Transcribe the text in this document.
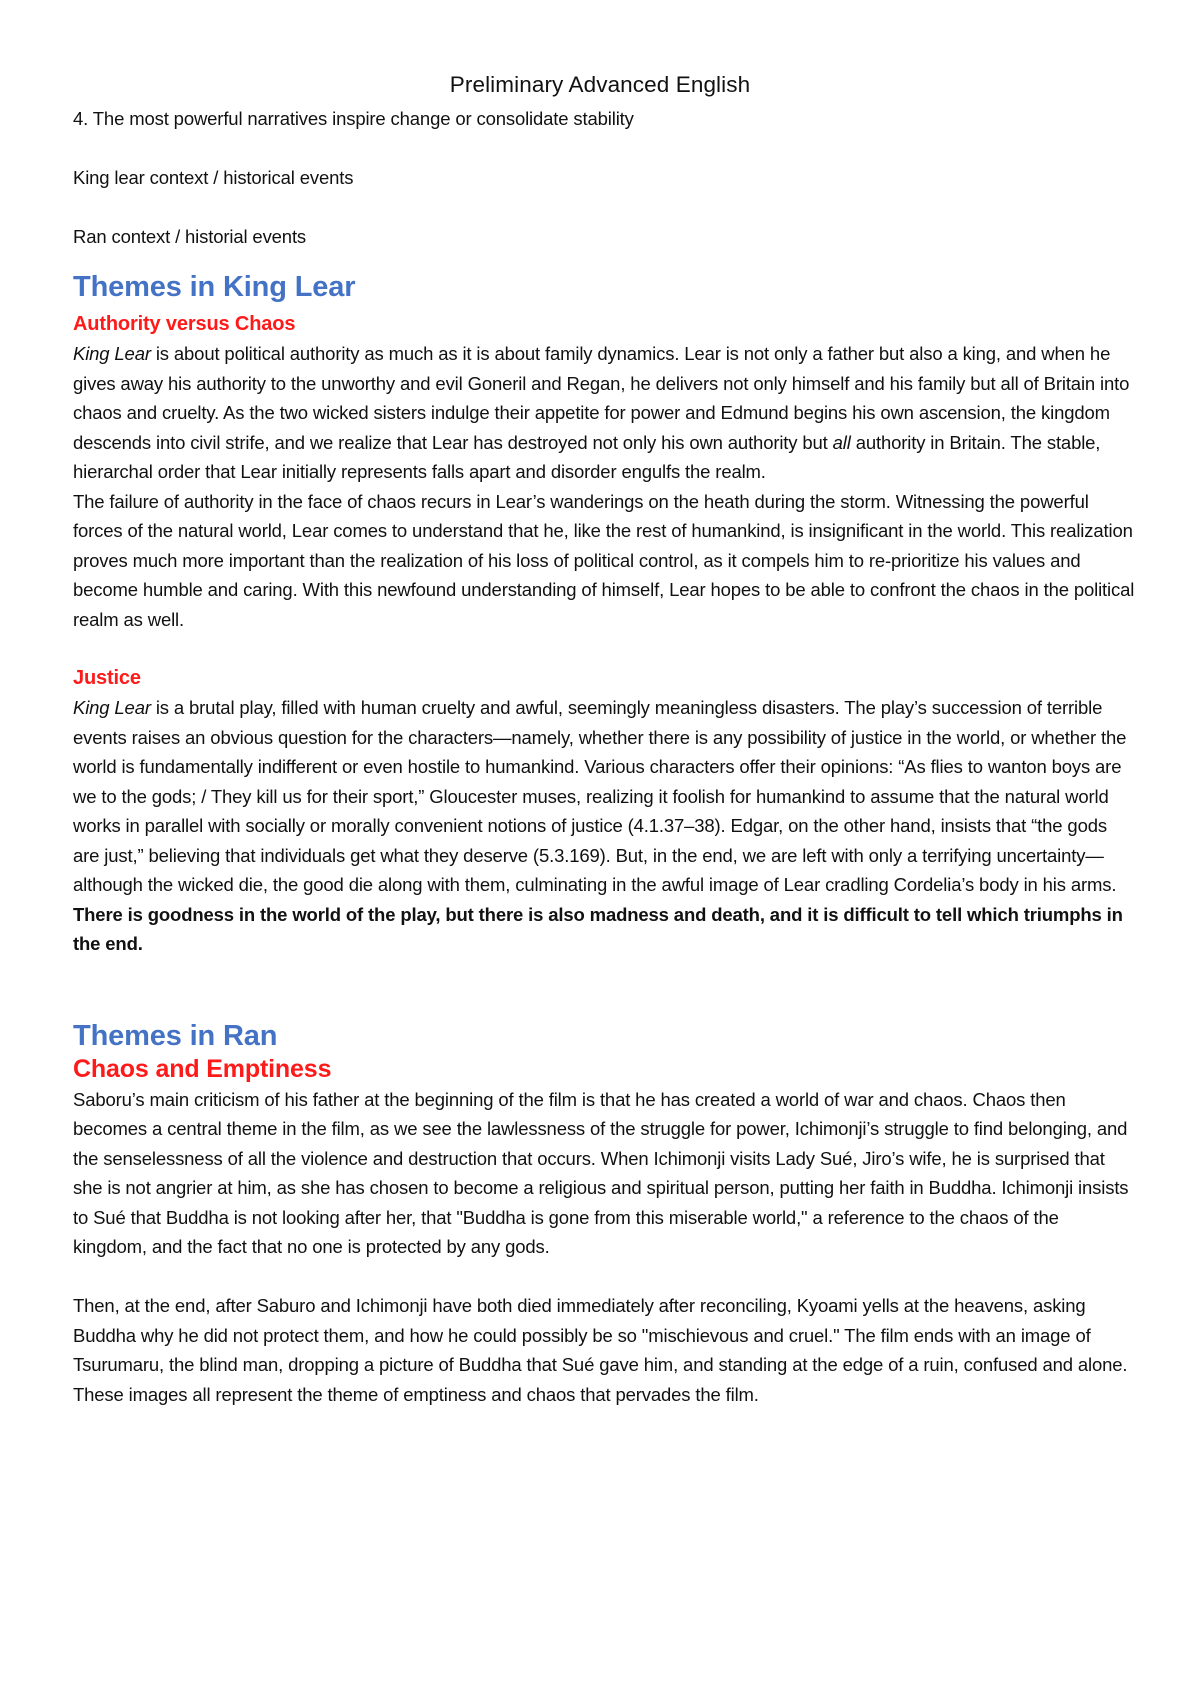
Preliminary Advanced English

4. The most powerful narratives inspire change or consolidate stability

King lear context / historical events

Ran context / historial events

Themes in King Lear
Authority versus Chaos

King Lear is about political authority as much as it is about family dynamics. Lear is not only a father but also a king, and when he gives away his authority to the unworthy and evil Goneril and Regan, he delivers not only himself and his family but all of Britain into chaos and cruelty. As the two wicked sisters indulge their appetite for power and Edmund begins his own ascension, the kingdom descends into civil strife, and we realize that Lear has destroyed not only his own authority but all authority in Britain. The stable, hierarchal order that Lear initially represents falls apart and disorder engulfs the realm.

The failure of authority in the face of chaos recurs in Lear’s wanderings on the heath during the storm. Witnessing the powerful forces of the natural world, Lear comes to understand that he, like the rest of humankind, is insignificant in the world. This realization proves much more important than the realization of his loss of political control, as it compels him to re-prioritize his values and become humble and caring. With this newfound understanding of himself, Lear hopes to be able to confront the chaos in the political realm as well.

Justice

King Lear is a brutal play, filled with human cruelty and awful, seemingly meaningless disasters. The play’s succession of terrible events raises an obvious question for the characters—namely, whether there is any possibility of justice in the world, or whether the world is fundamentally indifferent or even hostile to humankind. Various characters offer their opinions: “As flies to wanton boys are we to the gods; / They kill us for their sport,” Gloucester muses, realizing it foolish for humankind to assume that the natural world works in parallel with socially or morally convenient notions of justice (4.1.37–38). Edgar, on the other hand, insists that “the gods are just,” believing that individuals get what they deserve (5.3.169). But, in the end, we are left with only a terrifying uncertainty—although the wicked die, the good die along with them, culminating in the awful image of Lear cradling Cordelia’s body in his arms. There is goodness in the world of the play, but there is also madness and death, and it is difficult to tell which triumphs in the end.

Themes in Ran
Chaos and Emptiness

Saboru’s main criticism of his father at the beginning of the film is that he has created a world of war and chaos. Chaos then becomes a central theme in the film, as we see the lawlessness of the struggle for power, Ichimonji’s struggle to find belonging, and the senselessness of all the violence and destruction that occurs. When Ichimonji visits Lady Sué, Jiro’s wife, he is surprised that she is not angrier at him, as she has chosen to become a religious and spiritual person, putting her faith in Buddha. Ichimonji insists to Sué that Buddha is not looking after her, that "Buddha is gone from this miserable world," a reference to the chaos of the kingdom, and the fact that no one is protected by any gods.

Then, at the end, after Saburo and Ichimonji have both died immediately after reconciling, Kyoami yells at the heavens, asking Buddha why he did not protect them, and how he could possibly be so "mischievous and cruel." The film ends with an image of Tsurumaru, the blind man, dropping a picture of Buddha that Sué gave him, and standing at the edge of a ruin, confused and alone. These images all represent the theme of emptiness and chaos that pervades the film.
